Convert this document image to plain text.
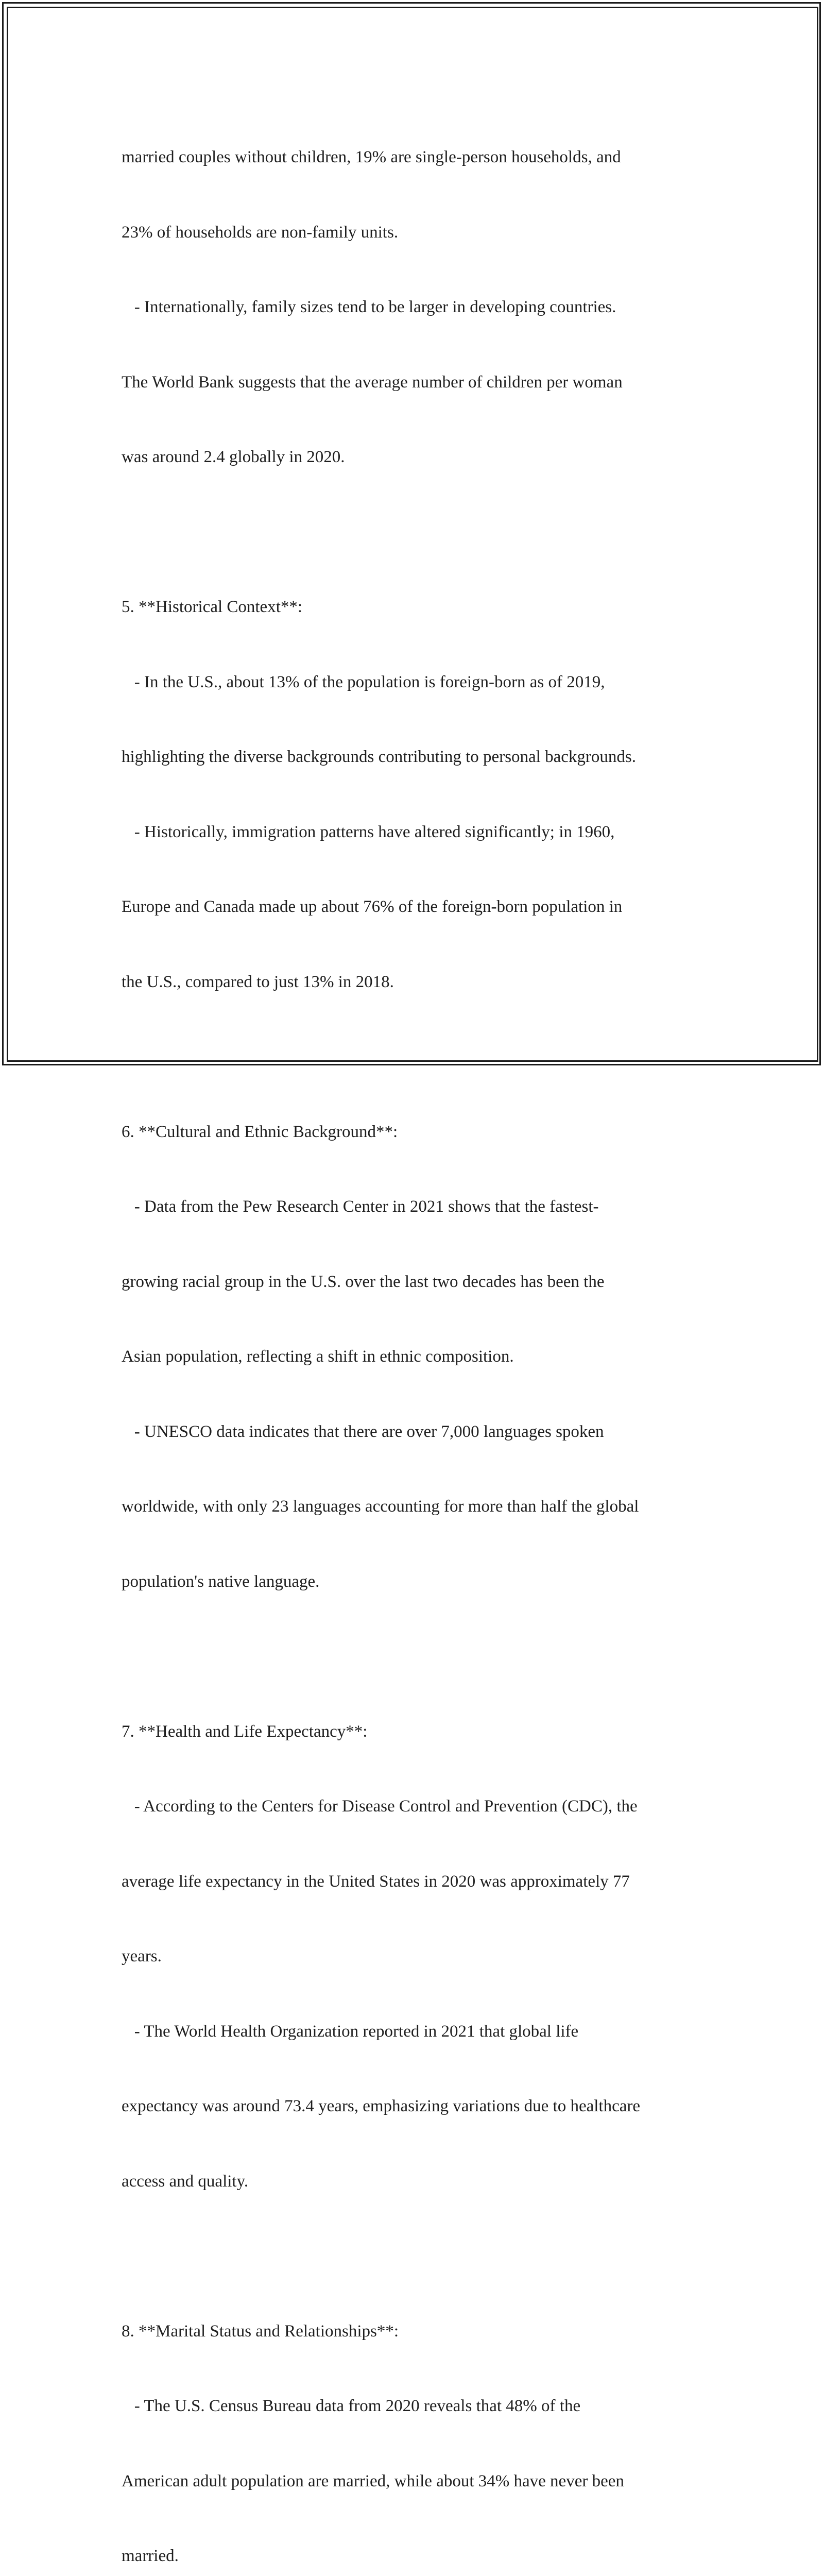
married couples without children, 19% are single-person households, and

23% of households are non-family units.

- Internationally, family sizes tend to be larger in developing countries.

The World Bank suggests that the average number of children per woman

was around 2.4 globally in 2020.

5. **Historical Context**:

- In the U.S., about 13% of the population is foreign-born as of 2019,

highlighting the diverse backgrounds contributing to personal backgrounds.

- Historically, immigration patterns have altered significantly; in 1960,

Europe and Canada made up about 76% of the foreign-born population in

the U.S., compared to just 13% in 2018.

6. **Cultural and Ethnic Background**:

- Data from the Pew Research Center in 2021 shows that the fastest-

growing racial group in the U.S. over the last two decades has been the

Asian population, reflecting a shift in ethnic composition.

- UNESCO data indicates that there are over 7,000 languages spoken

worldwide, with only 23 languages accounting for more than half the global

population's native language.

7. **Health and Life Expectancy**:

- According to the Centers for Disease Control and Prevention (CDC), the

average life expectancy in the United States in 2020 was approximately 77

years.

- The World Health Organization reported in 2021 that global life

expectancy was around 73.4 years, emphasizing variations due to healthcare

access and quality.

8. **Marital Status and Relationships**:

- The U.S. Census Bureau data from 2020 reveals that 48% of the

American adult population are married, while about 34% have never been

married.
